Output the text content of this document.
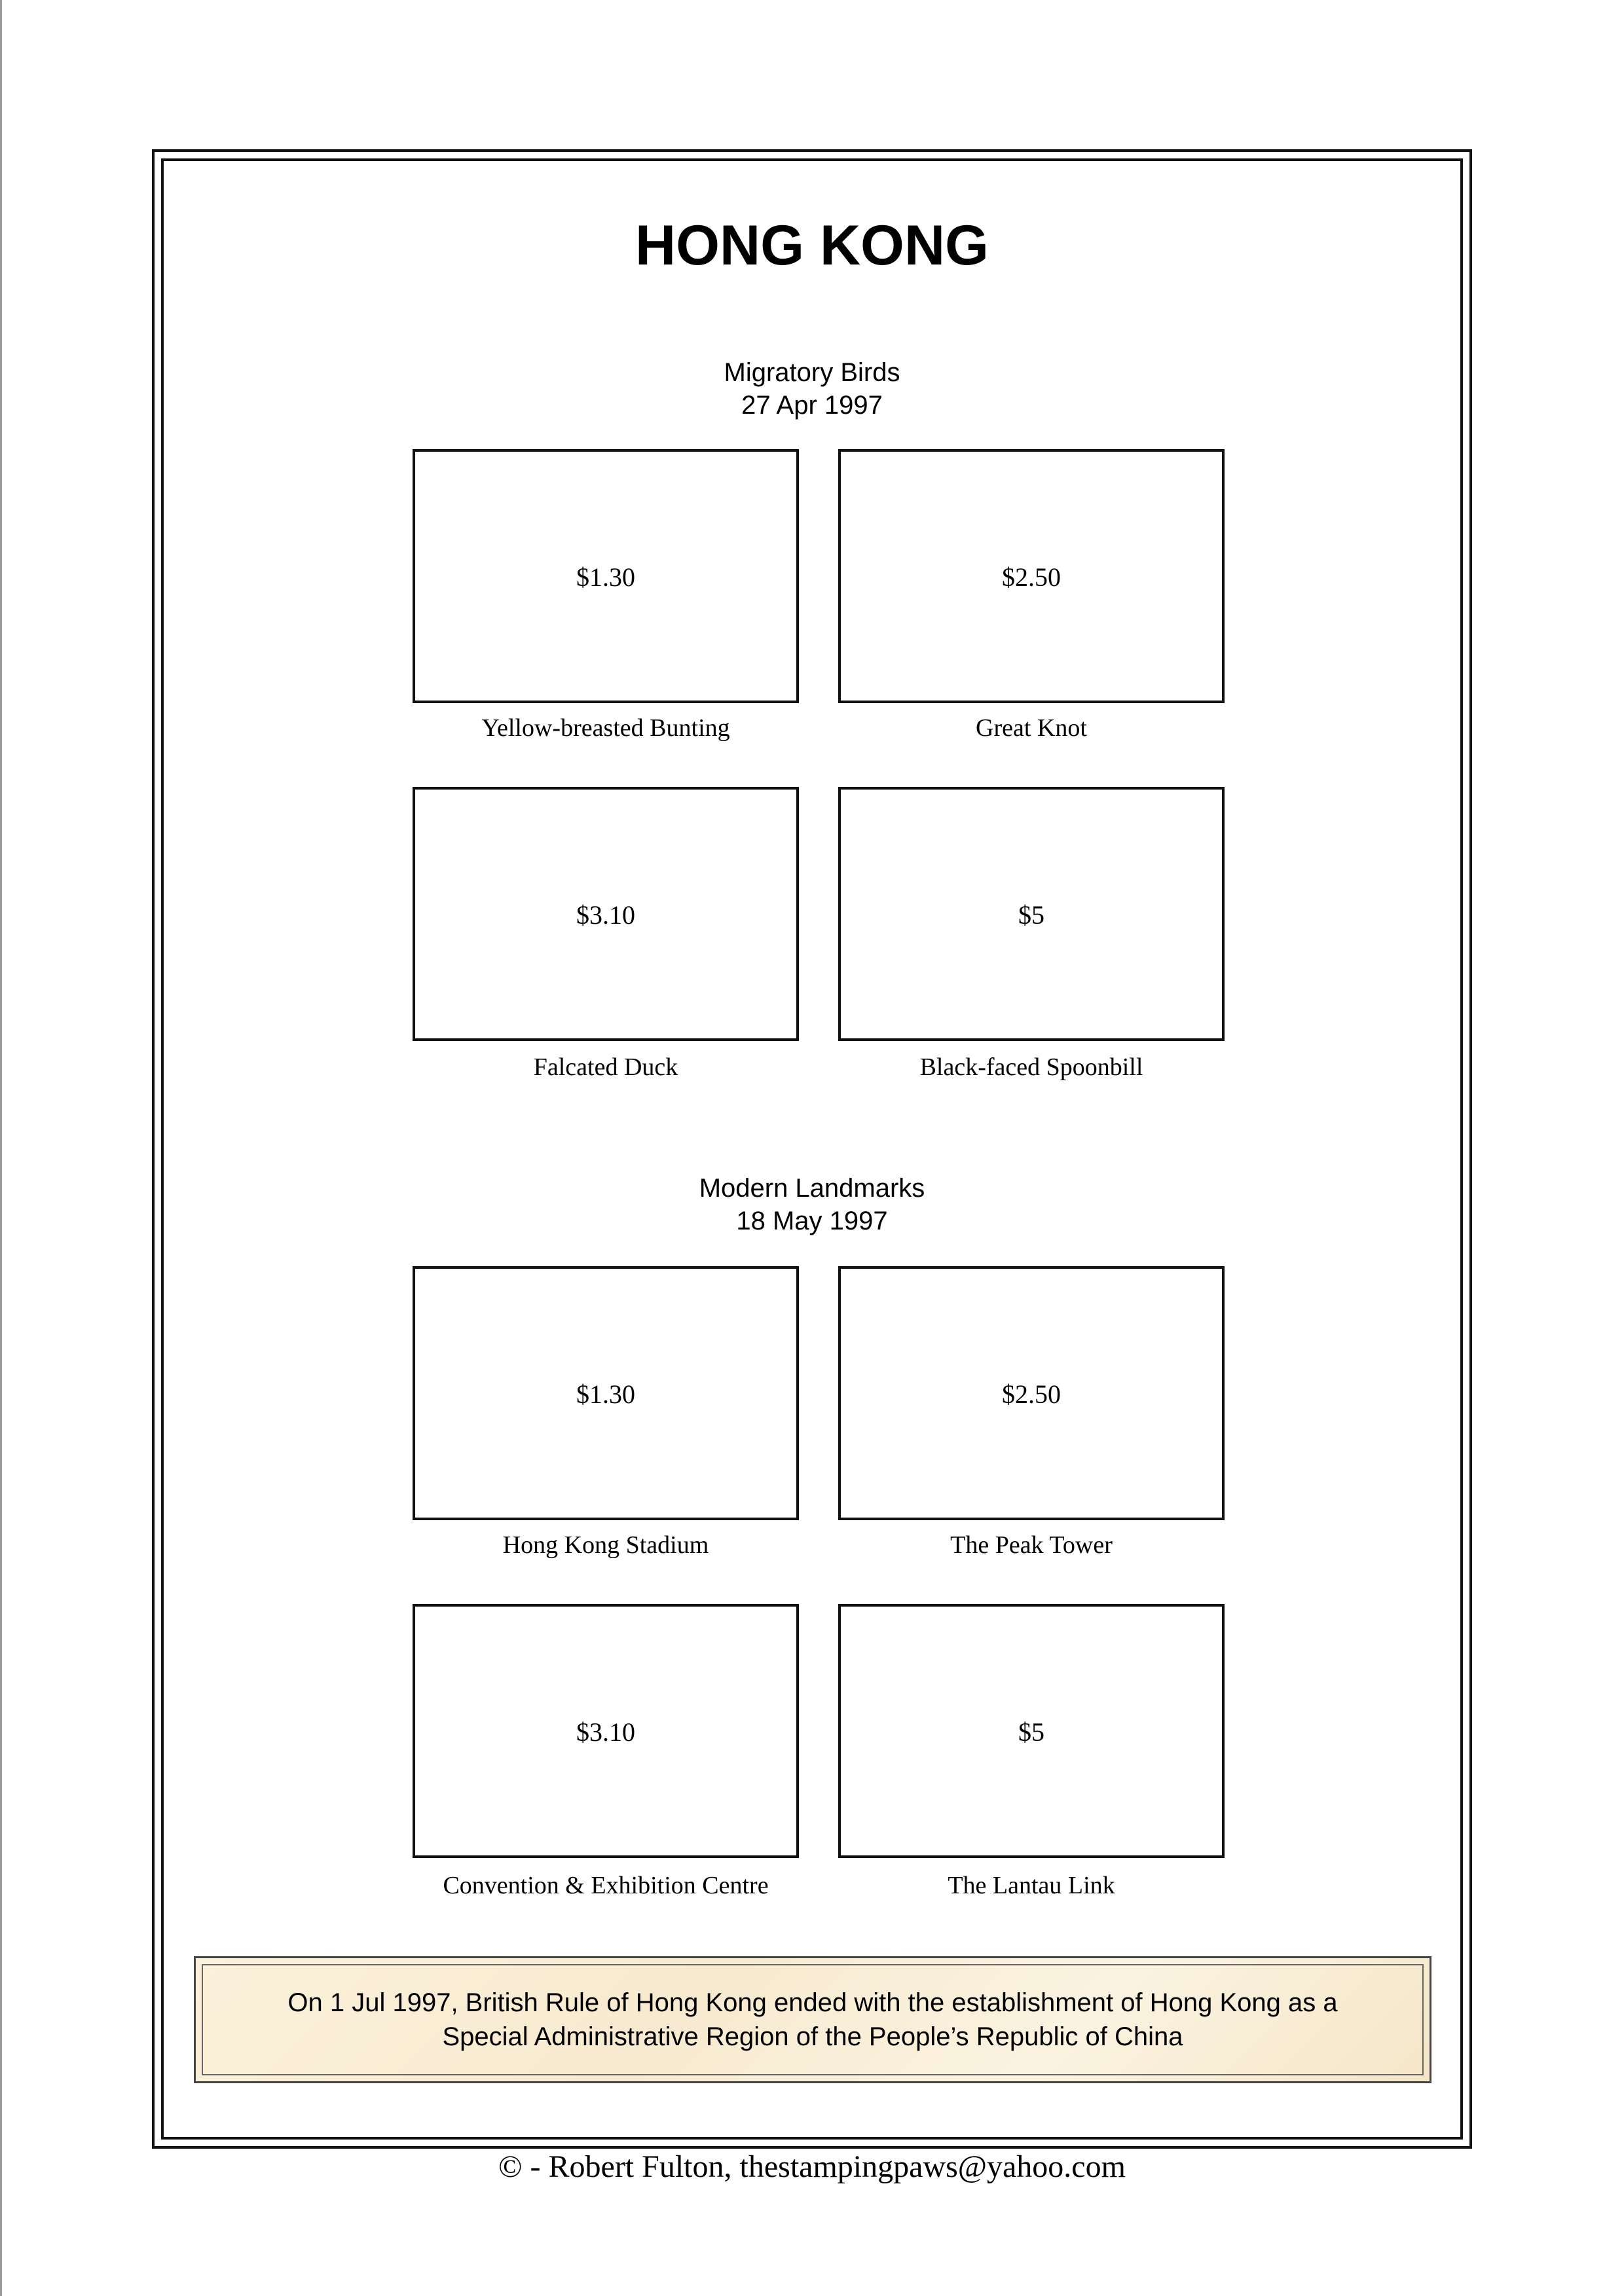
HONG KONG
Migratory Birds
27 Apr 1997
$1.30
Yellow-breasted Bunting
$2.50
Great Knot
$3.10
Falcated Duck
$5
Black-faced Spoonbill
Modern Landmarks
18 May 1997
$1.30
Hong Kong Stadium
$2.50
The Peak Tower
$3.10
Convention & Exhibition Centre
$5
The Lantau Link
On 1 Jul 1997, British Rule of Hong Kong ended with the establishment of Hong Kong as a
Special Administrative Region of the People’s Republic of China
© - Robert Fulton, thestampingpaws@yahoo.com
